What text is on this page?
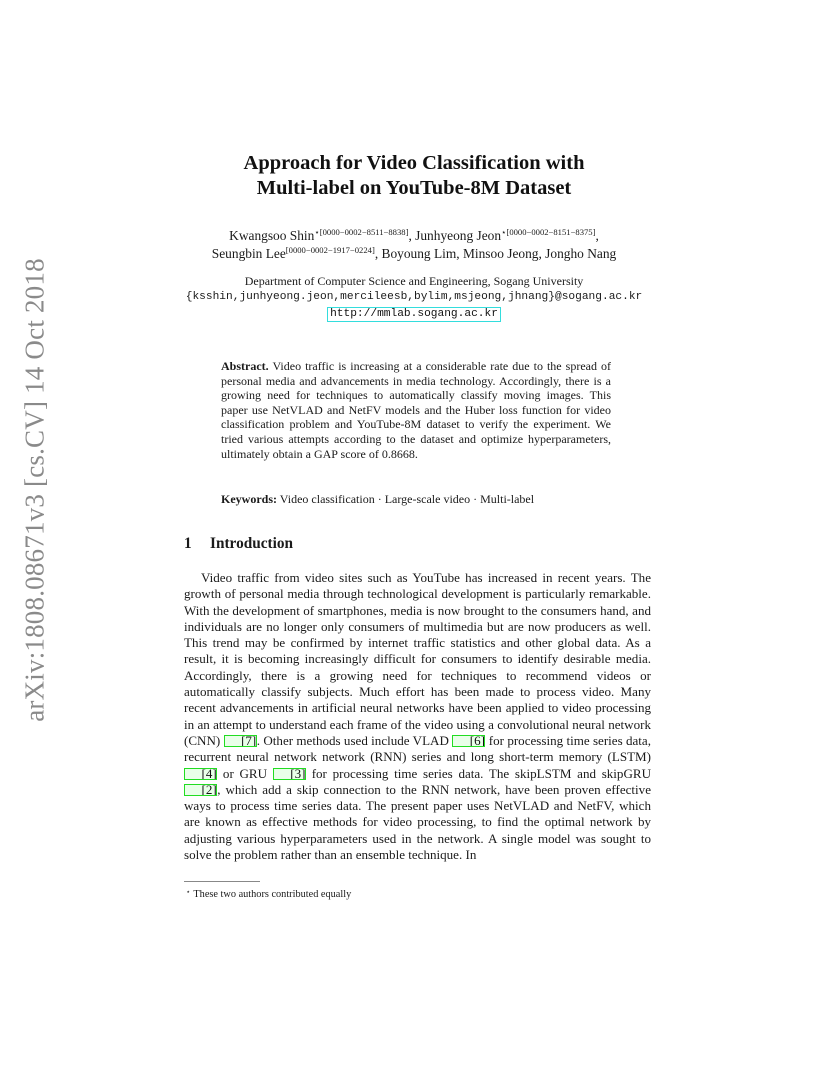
arXiv:1808.08671v3 [cs.CV] 14 Oct 2018
Approach for Video Classification with
Multi-label on YouTube-8M Dataset
Kwangsoo Shin$^{⋆[0000-0002-8511-8838]}$, Junhyeong Jeon$^{⋆[0000-0002-8151-8375]}$,
Seungbin Lee[0000−0002−1917−0224], Boyoung Lim, Minsoo Jeong, Jongho Nang
Department of Computer Science and Engineering, Sogang University
{ksshin,junhyeong.jeon,mercileesb,bylim,msjeong,jhnang}@sogang.ac.kr
http://mmlab.sogang.ac.kr
Abstract. Video traffic is increasing at a considerable rate due to the spread of personal media and advancements in media technology. Accordingly, there is a growing need for techniques to automatically classify moving images. This paper use NetVLAD and NetFV models and the Huber loss function for video classification problem and YouTube-8M dataset to verify the experiment. We tried various attempts according to the dataset and optimize hyperparameters, ultimately obtain a GAP score of 0.8668.
Keywords: Video classification · Large-scale video · Multi-label
1 Introduction
Video traffic from video sites such as YouTube has increased in recent years. The growth of personal media through technological development is particularly remarkable. With the development of smartphones, media is now brought to the consumers hand, and individuals are no longer only consumers of multimedia but are now producers as well. This trend may be confirmed by internet traffic statistics and other global data. As a result, it is becoming increasingly difficult for consumers to identify desirable media. Accordingly, there is a growing need for techniques to recommend videos or automatically classify subjects. Much effort has been made to process video. Many recent advancements in artificial neural networks have been applied to video processing in an attempt to understand each frame of the video using a convolutional neural network (CNN) [7]. Other methods used include VLAD [6] for processing time series data, recurrent neural network network (RNN) series and long short-term memory (LSTM) [4] or GRU [3] for processing time series data. The skipLSTM and skipGRU [2], which add a skip connection to the RNN network, have been proven effective ways to process time series data. The present paper uses NetVLAD and NetFV, which are known as effective methods for video processing, to find the optimal network by adjusting various hyperparameters used in the network. A single model was sought to solve the problem rather than an ensemble technique. In
⋆ These two authors contributed equally
